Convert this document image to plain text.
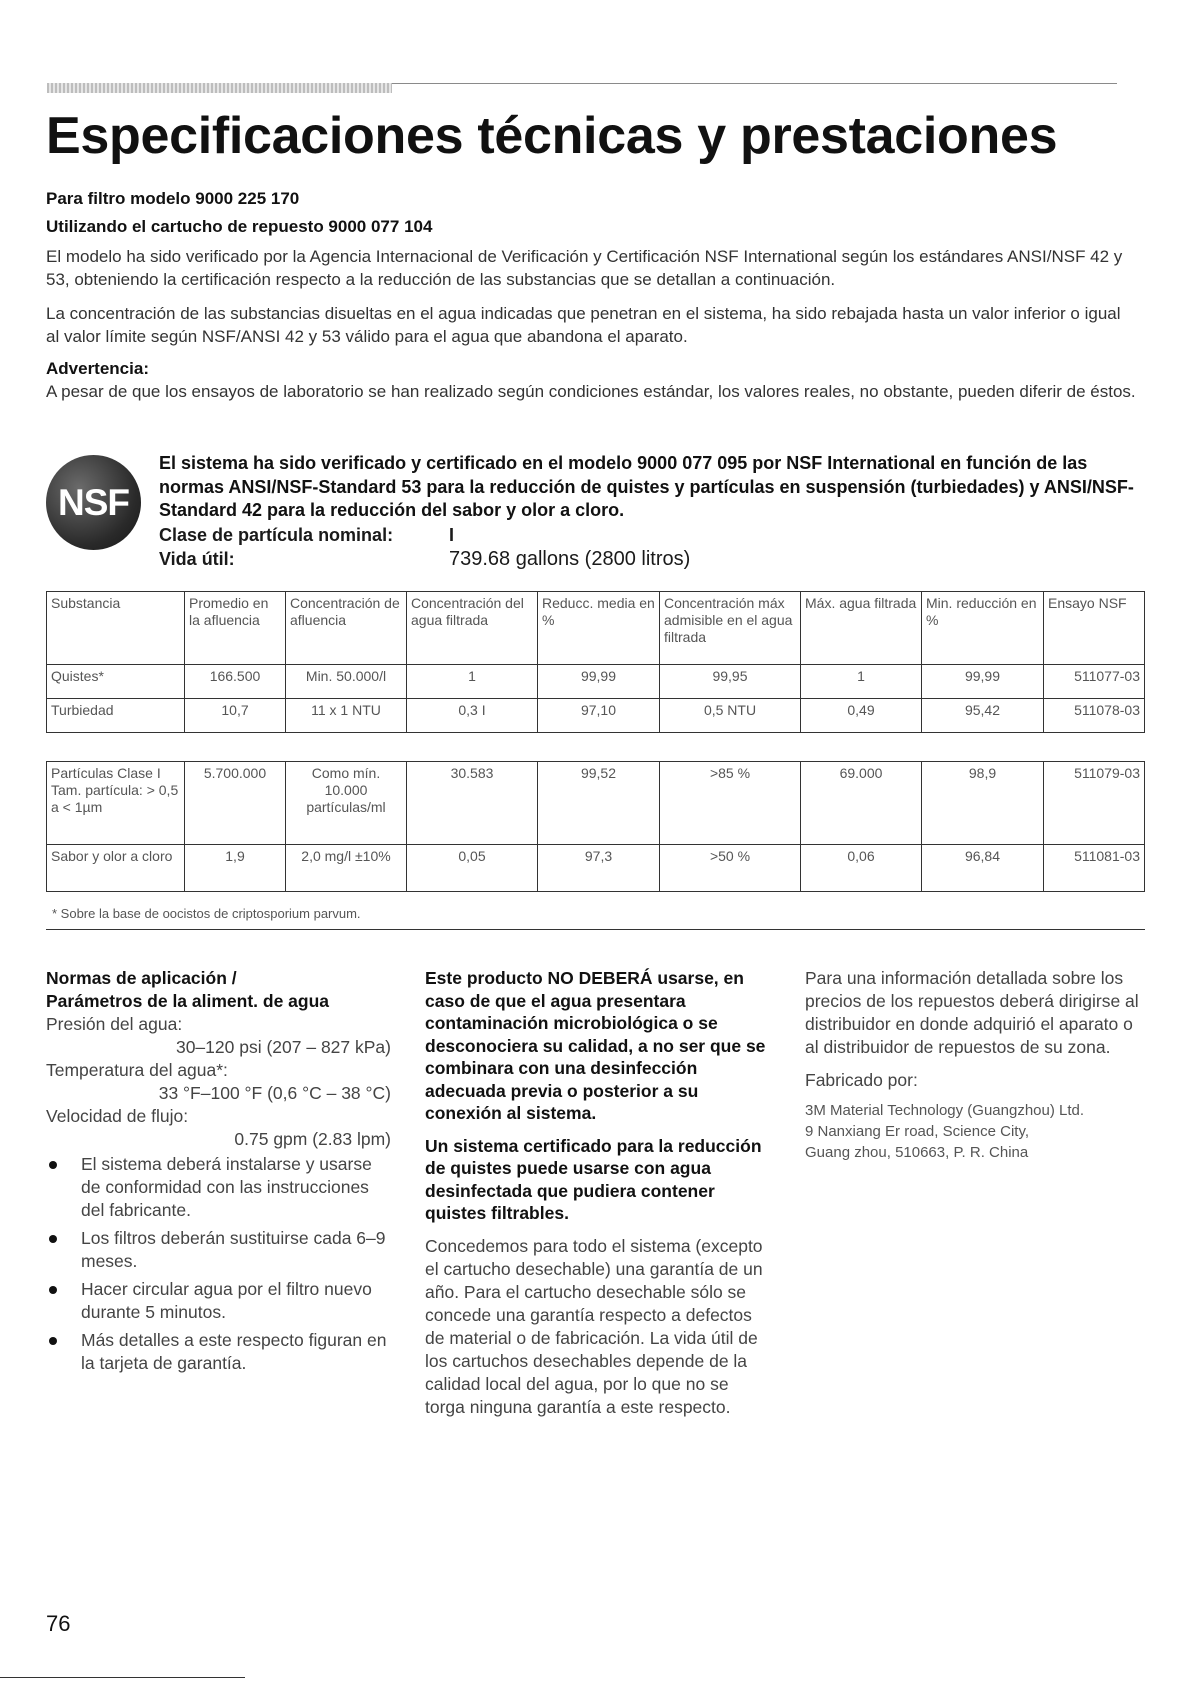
Especificaciones técnicas y prestaciones

Para filtro modelo 9000 225 170

Utilizando el cartucho de repuesto 9000 077 104

El modelo ha sido verificado por la Agencia Internacional de Verificación y Certificación NSF International según los estándares ANSI/NSF 42 y 53, obteniendo la certificación respecto a la reducción de las substancias que se detallan a continuación.

La concentración de las substancias disueltas en el agua indicadas que penetran en el sistema, ha sido rebajada hasta un valor inferior o igual al valor límite según NSF/ANSI 42 y 53 válido para el agua que abandona el aparato.

Advertencia:

A pesar de que los ensayos de laboratorio se han realizado según condiciones estándar, los valores reales, no obstante, pueden diferir de éstos.

NSF

El sistema ha sido verificado y certificado en el modelo 9000 077 095 por NSF International en función de las normas ANSI/NSF-Standard 53 para la reducción de quistes y partículas en suspensión (turbiedades) y ANSI/NSF-Standard 42 para la reducción del sabor y olor a cloro.

Clase de partícula nominal:	I
Vida útil:	739.68 gallons (2800 litros)
Substancia	Promedio en la afluencia	Concentración de afluencia	Concentración del agua filtrada	Reducc. media en %	Concentración máx admisible en el agua filtrada	Máx. agua filtrada	Min. reducción en %	Ensayo NSF
Quistes*	166.500	Min. 50.000/l	1	99,99	99,95	1	99,99	511077-03
Turbiedad	10,7	11 x 1 NTU	0,3 I	97,10	0,5 NTU	0,49	95,42	511078-03
Partículas Clase I Tam. partícula: > 0,5 a < 1µm	5.700.000	Como mín. 10.000 partículas/ml	30.583	99,52	>85 %	69.000	98,9	511079-03
Sabor y olor a cloro	1,9	2,0 mg/l ±10%	0,05	97,3	>50 %	0,06	96,84	511081-03
* Sobre la base de oocistos de criptosporium parvum.

Normas de aplicación /

Parámetros de la aliment. de agua

Presión del agua:

30–120 psi (207 – 827 kPa)

Temperatura del agua*:

33 °F–100 °F (0,6 °C – 38 °C)

Velocidad de flujo:

0.75 gpm (2.83 lpm)

El sistema deberá instalarse y usarse de conformidad con las instrucciones del fabricante.
Los filtros deberán sustituirse cada 6–9 meses.
Hacer circular agua por el filtro nuevo durante 5 minutos.
Más detalles a este respecto figuran en la tarjeta de garantía.

Este producto NO DEBERÁ usarse, en caso de que el agua presentara contaminación microbiológica o se desconociera su calidad, a no ser que se combinara con una desinfección adecuada previa o posterior a su conexión al sistema.

Un sistema certificado para la reducción de quistes puede usarse con agua desinfectada que pudiera contener quistes filtrables.

Concedemos para todo el sistema (excepto el cartucho desechable) una garantía de un año. Para el cartucho desechable sólo se concede una garantía respecto a defectos de material o de fabricación. La vida útil de los cartuchos desechables depende de la calidad local del agua, por lo que no se torga ninguna garantía a este respecto.

Para una información detallada sobre los precios de los repuestos deberá dirigirse al distribuidor en donde adquirió el aparato o al distribuidor de repuestos de su zona.

Fabricado por:

3M Material Technology (Guangzhou) Ltd.

9 Nanxiang Er road, Science City,

Guang zhou, 510663, P. R. China

76
